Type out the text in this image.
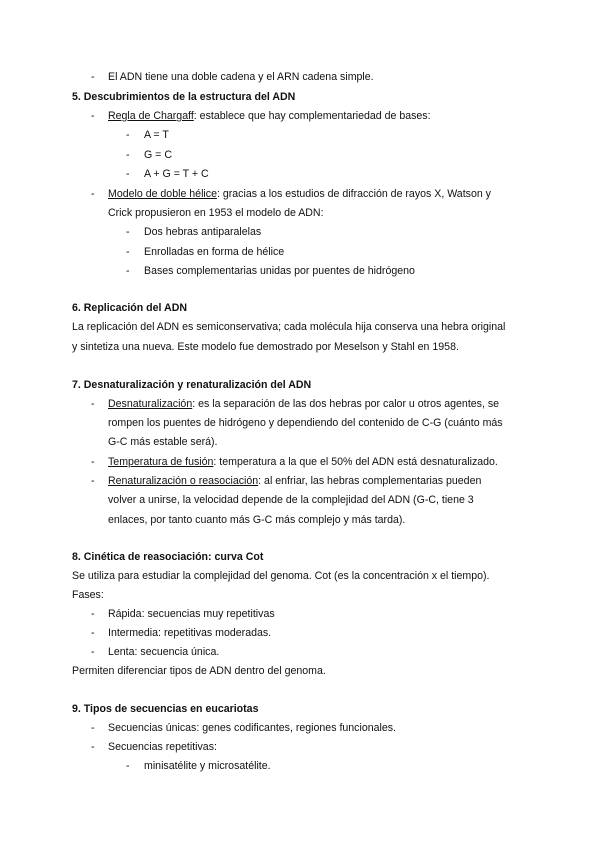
- El ADN tiene una doble cadena y el ARN cadena simple.
5. Descubrimientos de la estructura del ADN
- Regla de Chargaff: establece que hay complementariedad de bases:
- A = T
- G = C
- A + G = T + C
- Modelo de doble hélice: gracias a los estudios de difracción de rayos X, Watson y
Crick propusieron en 1953 el modelo de ADN:
- Dos hebras antiparalelas
- Enrolladas en forma de hélice
- Bases complementarias unidas por puentes de hidrógeno
6. Replicación del ADN
La replicación del ADN es semiconservativa; cada molécula hija conserva una hebra original
y sintetiza una nueva. Este modelo fue demostrado por Meselson y Stahl en 1958.
7. Desnaturalización y renaturalización del ADN
- Desnaturalización: es la separación de las dos hebras por calor u otros agentes, se
rompen los puentes de hidrógeno y dependiendo del contenido de C-G (cuánto más
G-C más estable será).
- Temperatura de fusión: temperatura a la que el 50% del ADN está desnaturalizado.
- Renaturalización o reasociación: al enfriar, las hebras complementarias pueden
volver a unirse, la velocidad depende de la complejidad del ADN (G-C, tiene 3
enlaces, por tanto cuanto más G-C más complejo y más tarda).
8. Cinética de reasociación: curva Cot
Se utiliza para estudiar la complejidad del genoma. Cot (es la concentración x el tiempo).
Fases:
- Rápida: secuencias muy repetitivas
- Intermedia: repetitivas moderadas.
- Lenta: secuencia única.
Permiten diferenciar tipos de ADN dentro del genoma.
9. Tipos de secuencias en eucariotas
- Secuencias únicas: genes codificantes, regiones funcionales.
- Secuencias repetitivas:
- minisatélite y microsatélite.
